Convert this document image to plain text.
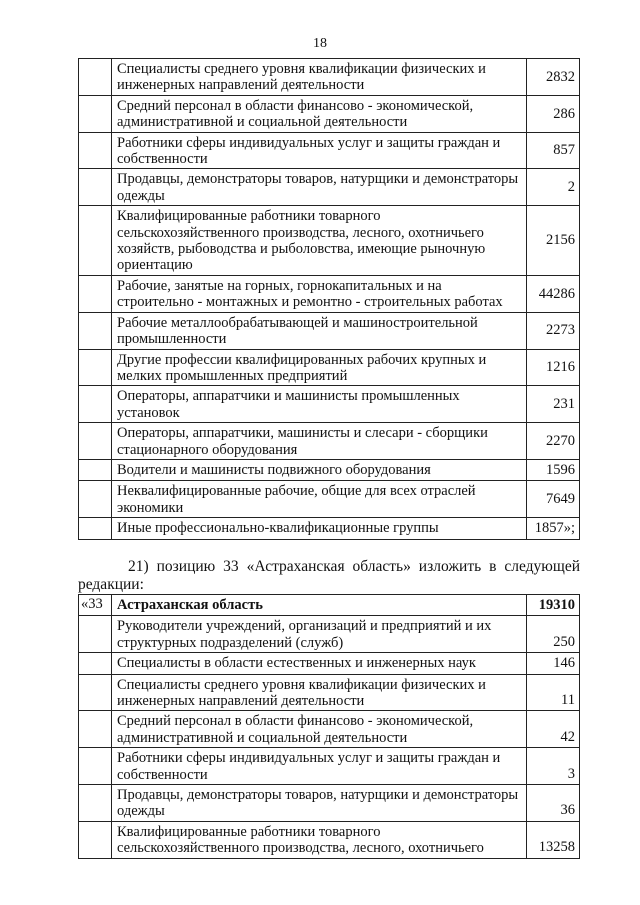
18
	Специалисты среднего уровня квалификации физических и инженерных направлений деятельности	2832
	Средний персонал в области финансово - экономической, административной и социальной деятельности	286
	Работники сферы индивидуальных услуг и защиты граждан и собственности	857
	Продавцы, демонстраторы товаров, натурщики и демонстраторы одежды	2
	Квалифицированные работники товарного сельскохозяйственного производства, лесного, охотничьего хозяйств, рыбоводства и рыболовства, имеющие рыночную ориентацию	2156
	Рабочие, занятые на горных, горнокапитальных и на строительно - монтажных и ремонтно - строительных работах	44286
	Рабочие металлообрабатывающей и машиностроительной промышленности	2273
	Другие профессии квалифицированных рабочих крупных и мелких промышленных предприятий	1216
	Операторы, аппаратчики и машинисты промышленных установок	231
	Операторы, аппаратчики, машинисты и слесари - сборщики стационарного оборудования	2270
	Водители и машинисты подвижного оборудования	1596
	Неквалифицированные рабочие, общие для всех отраслей экономики	7649
	Иные профессионально-квалификационные группы	1857»;
21) позицию 33 «Астраханская область» изложить в следующей редакции:
«33	Астраханская область	19310
	Руководители учреждений, организаций и предприятий и их структурных подразделений (служб)	250
	Специалисты в области естественных и инженерных наук	146
	Специалисты среднего уровня квалификации физических и инженерных направлений деятельности	11
	Средний персонал в области финансово - экономической, административной и социальной деятельности	42
	Работники сферы индивидуальных услуг и защиты граждан и собственности	3
	Продавцы, демонстраторы товаров, натурщики и демонстраторы одежды	36
	Квалифицированные работники товарного сельскохозяйственного производства, лесного, охотничьего	13258
